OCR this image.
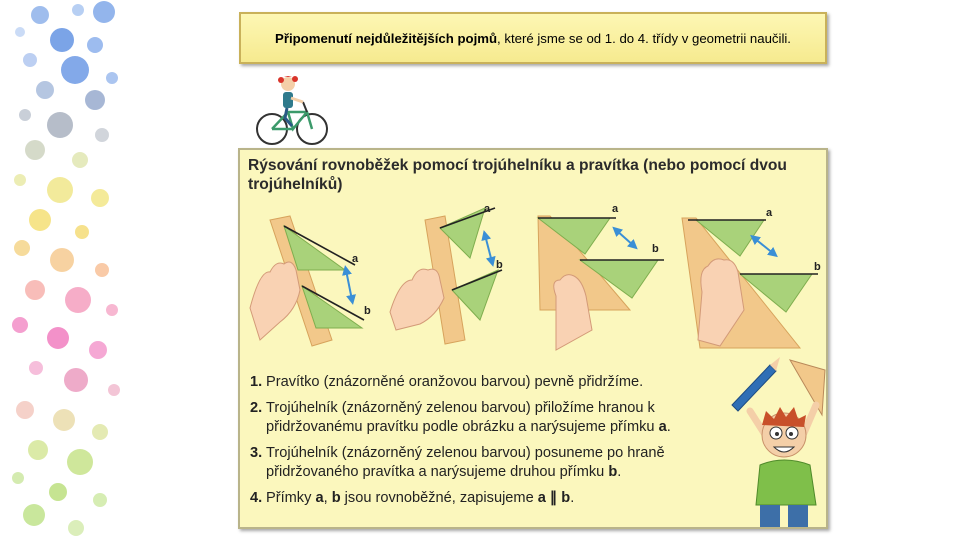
Připomenutí nejdůležitějších pojmů , které jsme se od 1. do 4. třídy v geometrii naučili.
Rýsování rovnoběžek pomocí trojúhelníku a pravítka (nebo pomocí dvou trojúhelníků)
a
b
a
b
a
b
a
b
1. Pravítko (znázorněné oranžovou barvou) pevně přidržíme.
2. Trojúhelník (znázorněný zelenou barvou) přiložíme hranou k přidržovanému pravítku podle obrázku a narýsujeme přímku a.
3. Trojúhelník (znázorněný zelenou barvou) posuneme po hraně přidržovaného pravítka a narýsujeme druhou přímku b.
4. Přímky a, b jsou rovnoběžné, zapisujeme a ∥ b.
